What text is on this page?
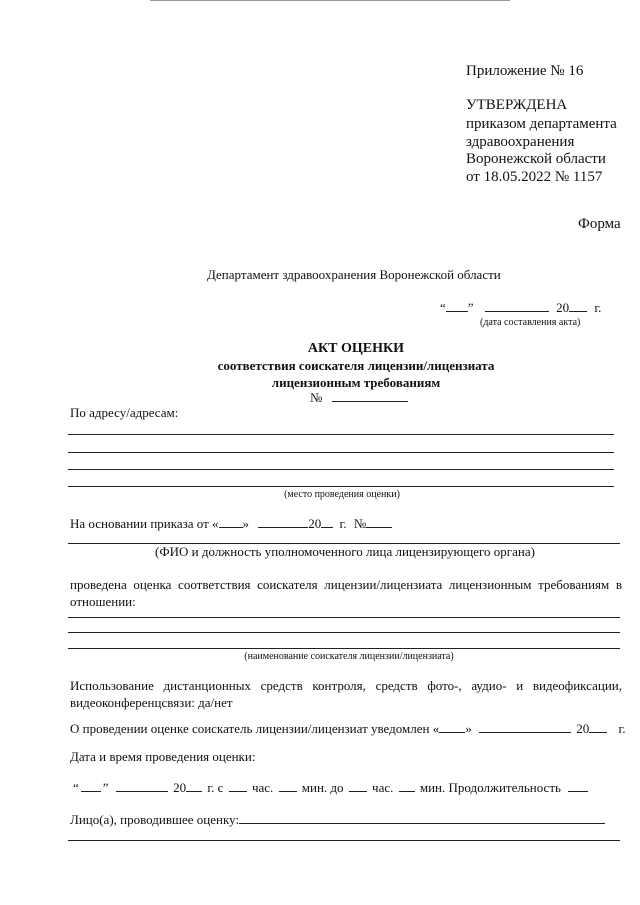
Приложение № 16
УТВЕРЖДЕНА
приказом департамента
здравоохранения
Воронежской области
от 18.05.2022 № 1157
Форма
Департамент здравоохранения Воронежской области
“ ”	20 г.
(дата составления акта)
АКТ ОЦЕНКИ
соответствия соискателя лицензии/лицензиата
лицензионным требованиям
№
По адресу/адресам:
(место проведения оценки)
На основании приказа от « »	20 г. №
(ФИО и должность уполномоченного лица лицензирующего органа)
проведена оценка соответствия соискателя лицензии/лицензиата лицензионным требованиям в отношении:
(наименование соискателя лицензии/лицензиата)
Использование дистанционных средств контроля, средств фото-, аудио- и видеофиксации, видеоконференцсвязи: да/нет
О проведении оценке соискатель лицензии/лицензиат уведомлен « »	20 г.
Дата и время проведения оценки:
“ ”	20 г. с час. мин. до час. мин. Продолжительность
Лицо(а), проводившее оценку:
